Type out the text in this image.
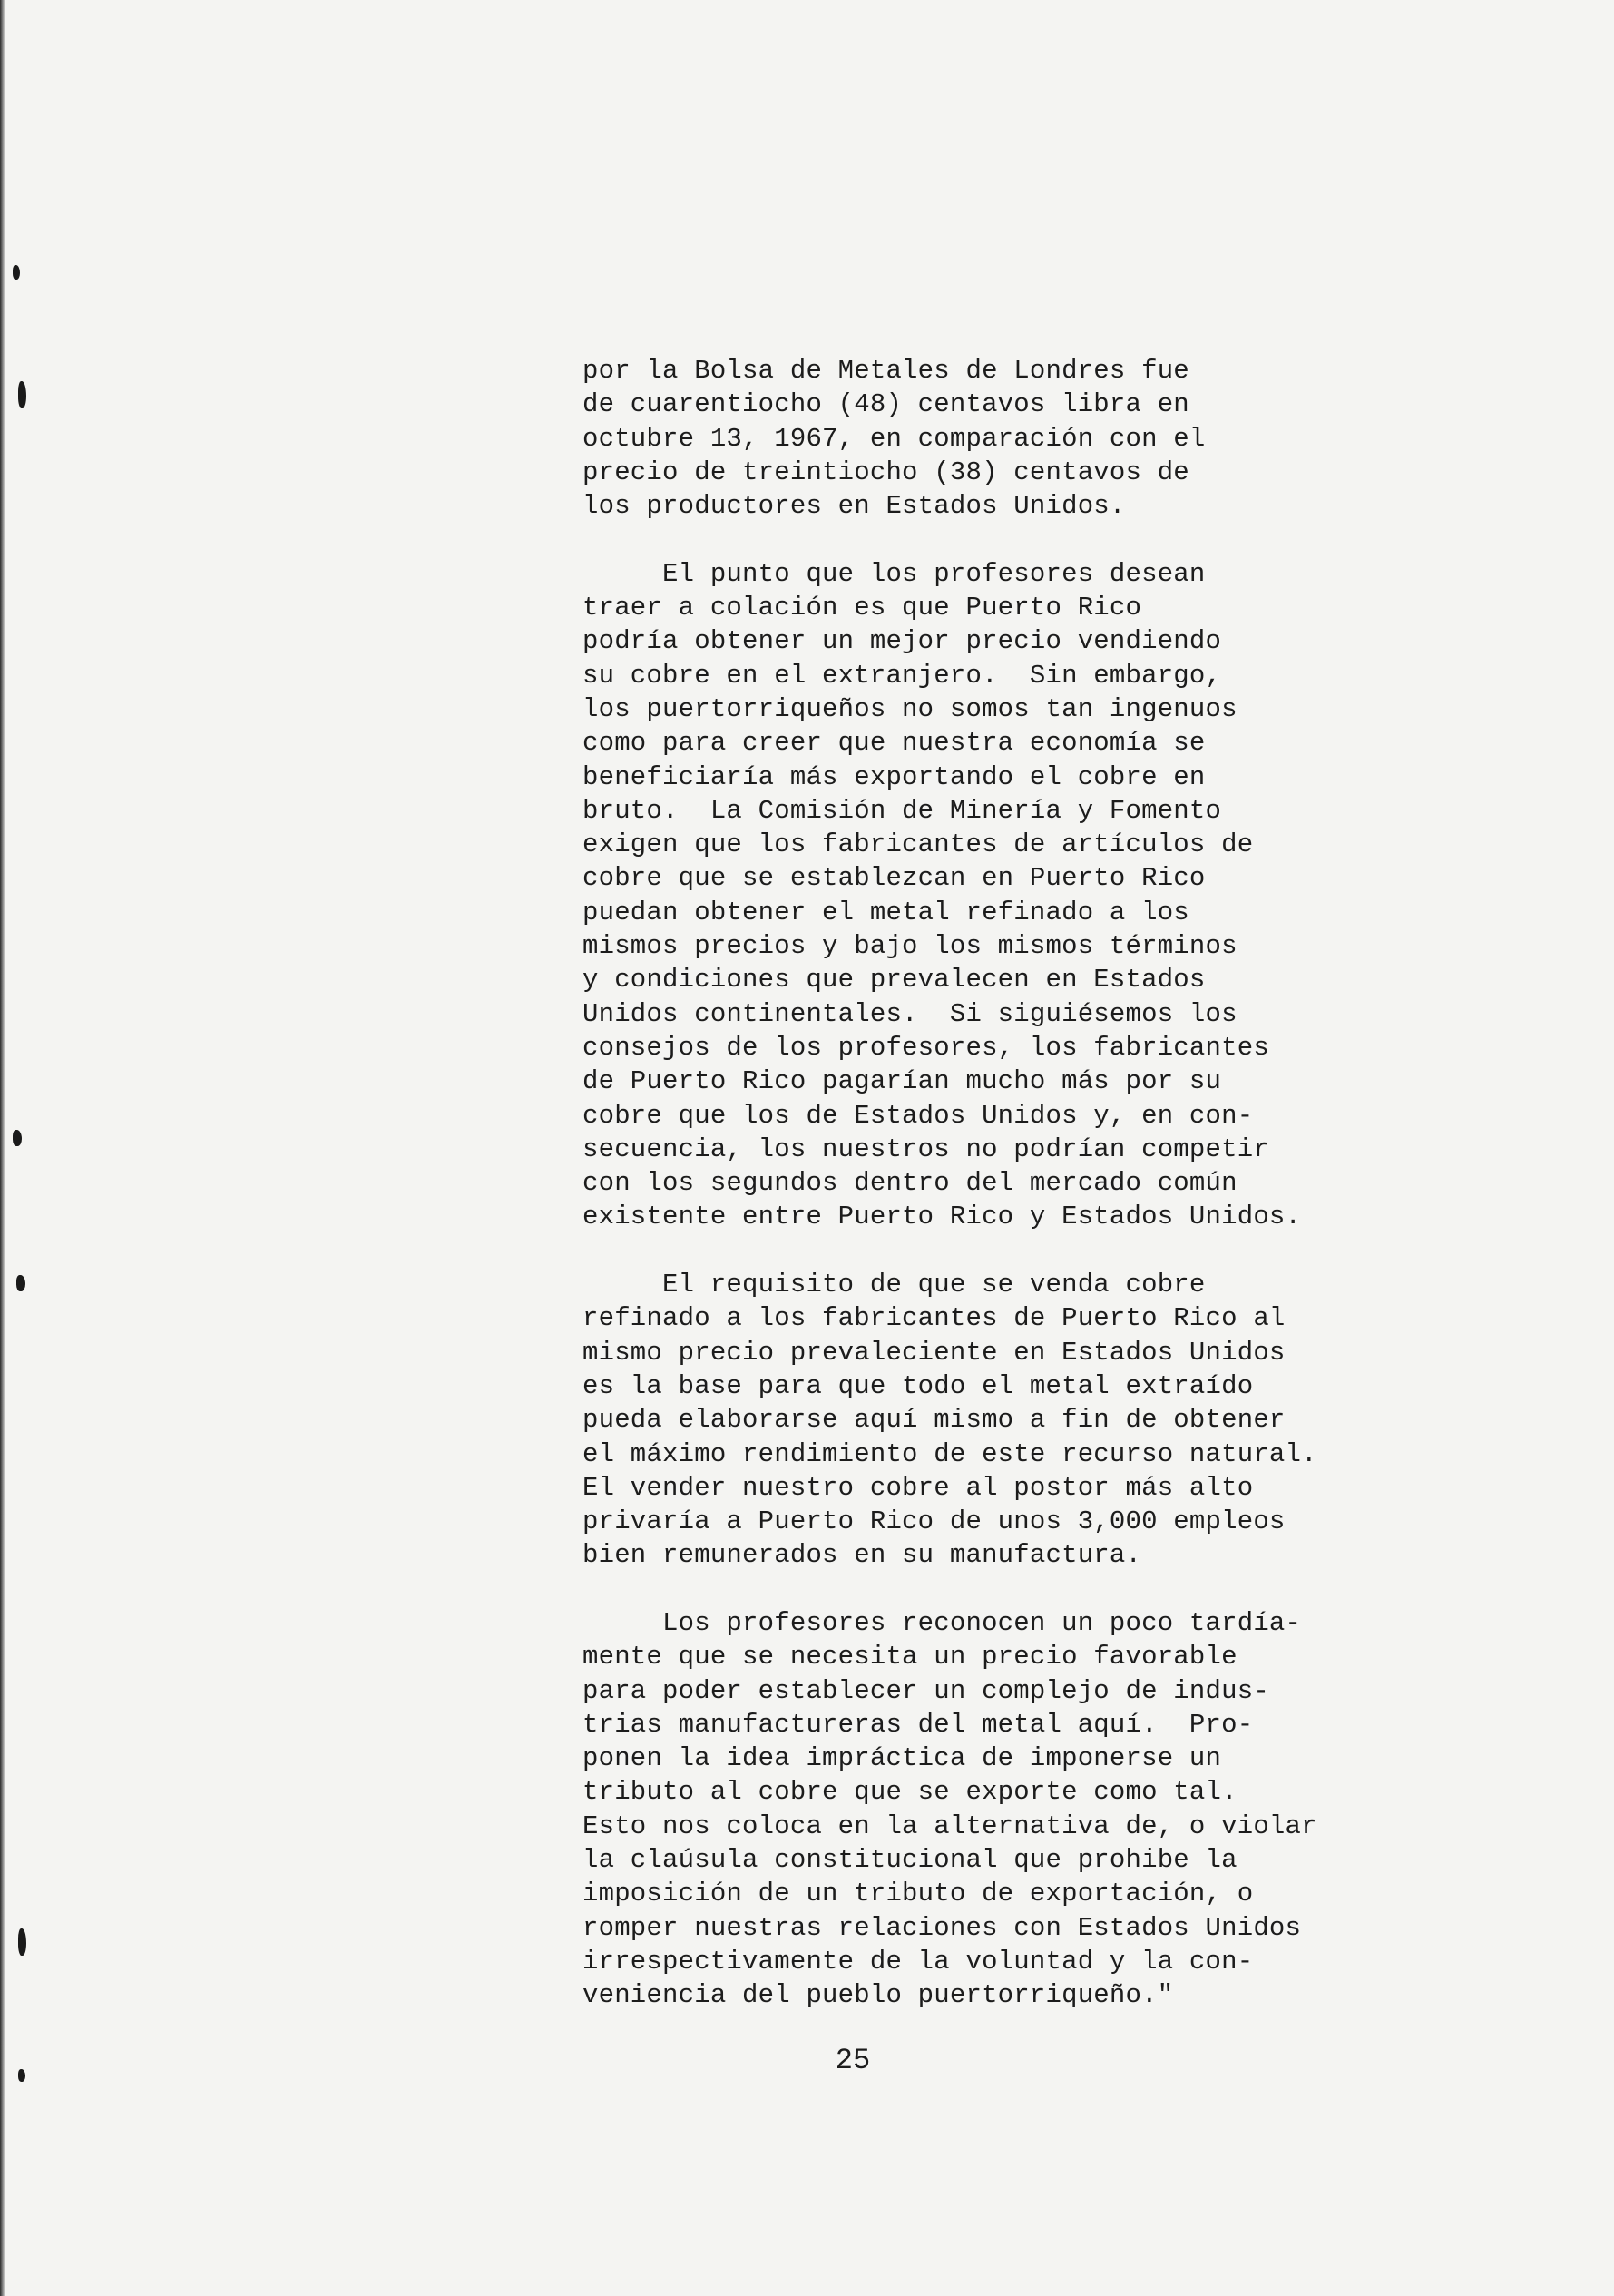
por la Bolsa de Metales de Londres fue
de cuarentiocho (48) centavos libra en
octubre 13, 1967, en comparación con el
precio de treintiocho (38) centavos de
los productores en Estados Unidos.
El punto que los profesores desean
traer a colación es que Puerto Rico
podría obtener un mejor precio vendiendo
su cobre en el extranjero.  Sin embargo,
los puertorriqueños no somos tan ingenuos
como para creer que nuestra economía se
beneficiaría más exportando el cobre en
bruto.  La Comisión de Minería y Fomento
exigen que los fabricantes de artículos de
cobre que se establezcan en Puerto Rico
puedan obtener el metal refinado a los
mismos precios y bajo los mismos términos
y condiciones que prevalecen en Estados
Unidos continentales.  Si siguiésemos los
consejos de los profesores, los fabricantes
de Puerto Rico pagarían mucho más por su
cobre que los de Estados Unidos y, en con-
secuencia, los nuestros no podrían competir
con los segundos dentro del mercado común
existente entre Puerto Rico y Estados Unidos.
El requisito de que se venda cobre
refinado a los fabricantes de Puerto Rico al
mismo precio prevaleciente en Estados Unidos
es la base para que todo el metal extraído
pueda elaborarse aquí mismo a fin de obtener
el máximo rendimiento de este recurso natural.
El vender nuestro cobre al postor más alto
privaría a Puerto Rico de unos 3,000 empleos
bien remunerados en su manufactura.
Los profesores reconocen un poco tardía-
mente que se necesita un precio favorable
para poder establecer un complejo de indus-
trias manufactureras del metal aquí.  Pro-
ponen la idea impráctica de imponerse un
tributo al cobre que se exporte como tal.
Esto nos coloca en la alternativa de, o violar
la claúsula constitucional que prohibe la
imposición de un tributo de exportación, o
romper nuestras relaciones con Estados Unidos
irrespectivamente de la voluntad y la con-
veniencia del pueblo puertorriqueño."
25
